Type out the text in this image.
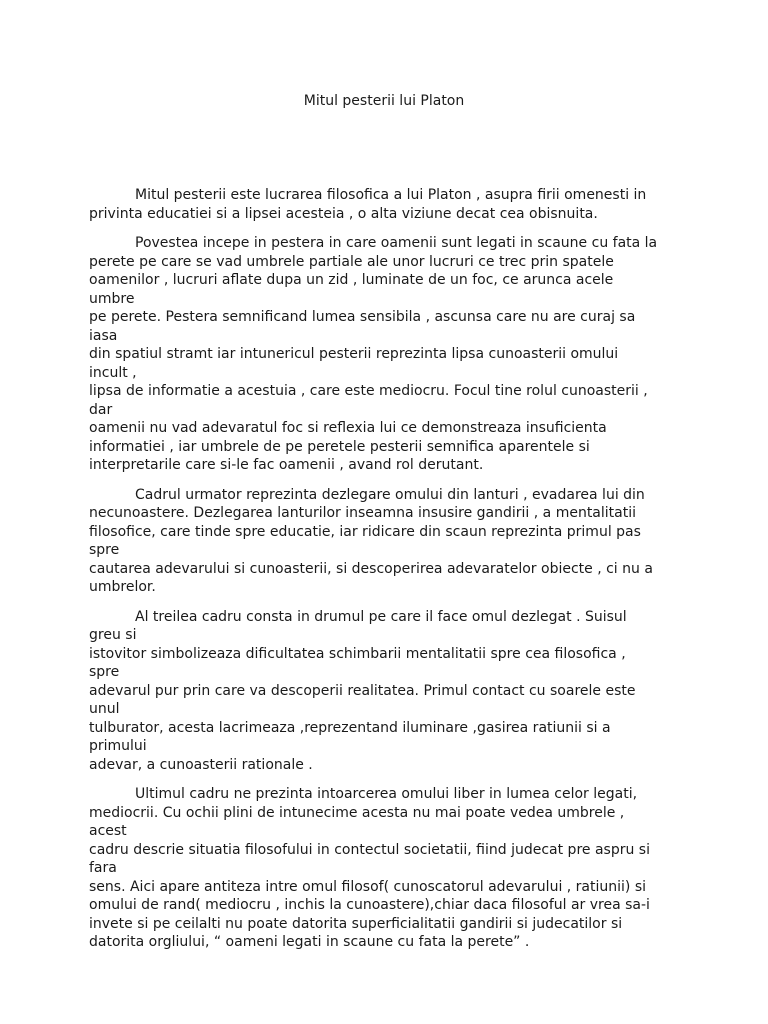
Mitul pesterii lui Platon

Mitul pesterii este lucrarea filosofica a lui Platon , asupra firii omenesti in
privinta educatiei si a lipsei acesteia , o alta viziune decat cea obisnuita.

Povestea incepe in pestera in care oamenii sunt legati in scaune cu fata la
perete pe care se vad umbrele partiale ale unor lucruri ce trec prin spatele
oamenilor , lucruri aflate dupa un zid , luminate de un foc, ce arunca acele umbre
pe perete. Pestera semnificand lumea sensibila , ascunsa care nu are curaj sa iasa
din spatiul stramt iar intunericul pesterii reprezinta lipsa cunoasterii omului incult ,
lipsa de informatie a acestuia , care este mediocru. Focul tine rolul cunoasterii , dar
oamenii nu vad adevaratul foc si reflexia lui ce demonstreaza insuficienta
informatiei , iar umbrele de pe peretele pesterii semnifica aparentele si
interpretarile care si-le fac oamenii , avand rol derutant.

Cadrul urmator reprezinta dezlegare omului din lanturi , evadarea lui din
necunoastere. Dezlegarea lanturilor inseamna insusire gandirii , a mentalitatii
filosofice, care tinde spre educatie, iar ridicare din scaun reprezinta primul pas spre
cautarea adevarului si cunoasterii, si descoperirea adevaratelor obiecte , ci nu a
umbrelor.

Al treilea cadru consta in drumul pe care il face omul dezlegat . Suisul greu si
istovitor simbolizeaza dificultatea schimbarii mentalitatii spre cea filosofica , spre
adevarul pur prin care va descoperii realitatea. Primul contact cu soarele este unul
tulburator, acesta lacrimeaza ,reprezentand iluminare ,gasirea ratiunii si a primului
adevar, a cunoasterii rationale .

Ultimul cadru ne prezinta intoarcerea omului liber in lumea celor legati,
mediocrii. Cu ochii plini de intunecime acesta nu mai poate vedea umbrele , acest
cadru descrie situatia filosofului in contectul societatii, fiind judecat pre aspru si fara
sens. Aici apare antiteza intre omul filosof( cunoscatorul adevarului , ratiunii) si
omului de rand( mediocru , inchis la cunoastere),chiar daca filosoful ar vrea sa-i
invete si pe ceilalti nu poate datorita superficialitatii gandirii si judecatilor si
datorita orgliului, “ oameni legati in scaune cu fata la perete” .
